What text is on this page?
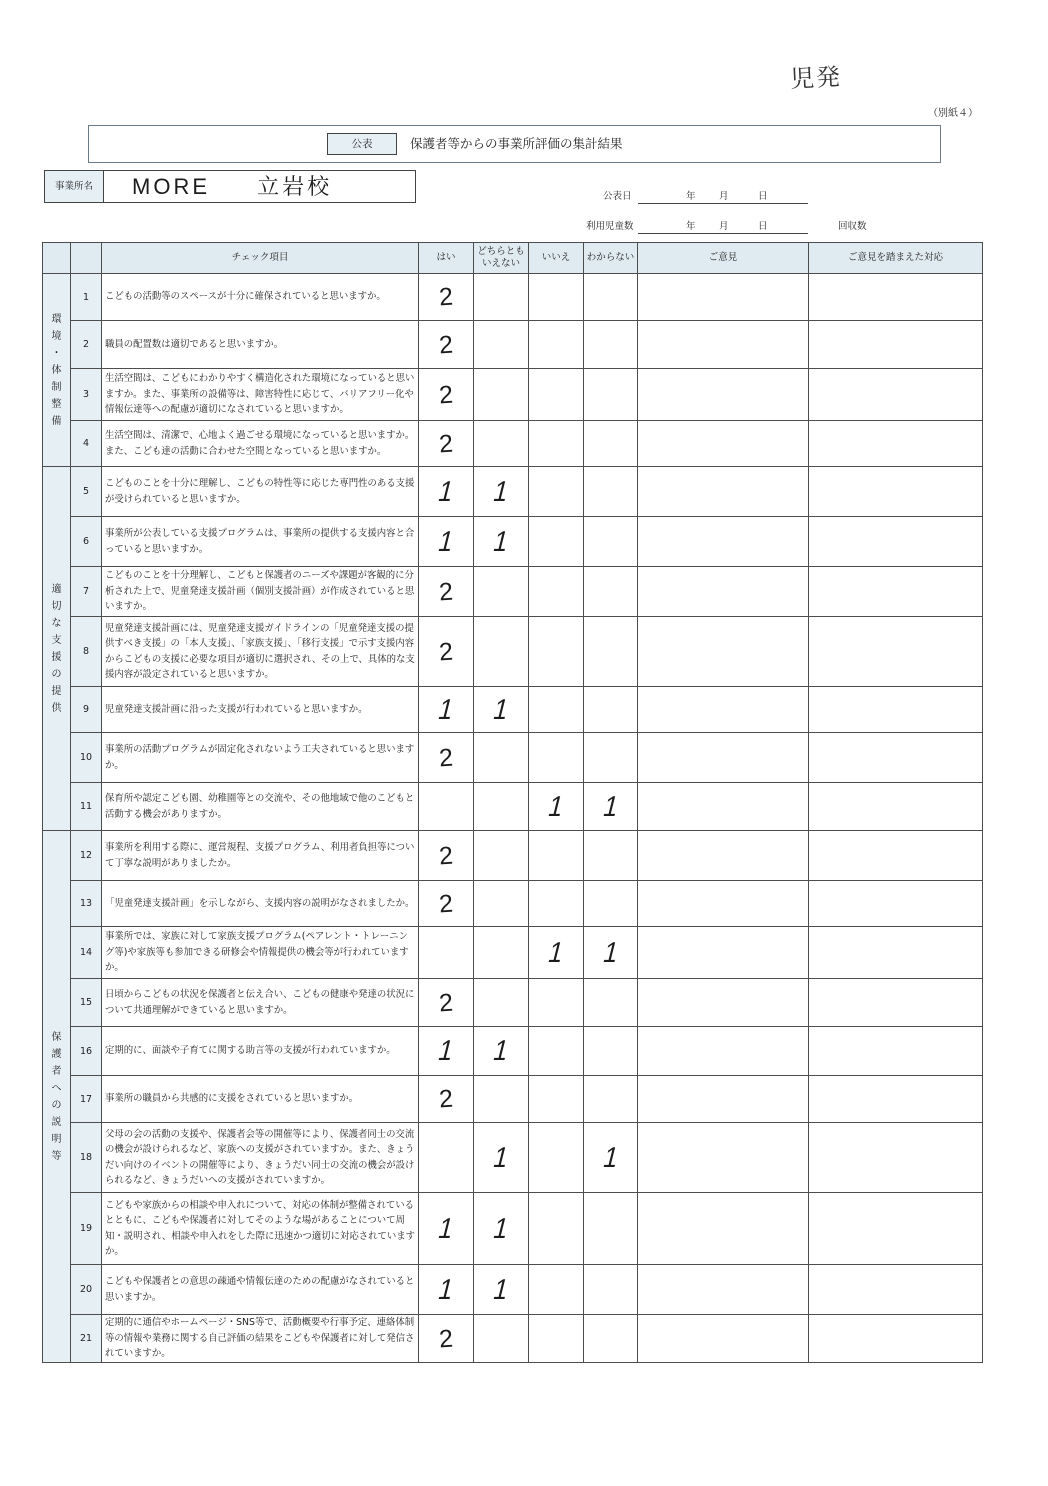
児発
（別紙４）
公表	保護者等からの事業所評価の集計結果
事業所名	MORE 立岩校	公表日	年 月	日
利用児童数	年 月	日	回収数
		チェック項目	はい	どちらとも
いえない	いいえ	わからない	ご意見	ご意見を踏まえた対応
環境・体制整備	1	こどもの活動等のスペースが十分に確保されていると思いますか。	2					
	2	職員の配置数は適切であると思いますか。	2					
	3	生活空間は、こどもにわかりやすく構造化された環境になっていると思いますか。また、事業所の設備等は、障害特性に応じて、バリアフリー化や情報伝達等への配慮が適切になされていると思いますか。	2					
	4	生活空間は、清潔で、心地よく過ごせる環境になっていると思いますか。また、こども達の活動に合わせた空間となっていると思いますか。	2					
適切な支援の提供	5	こどものことを十分に理解し、こどもの特性等に応じた専門性のある支援が受けられていると思いますか。	1	1				
	6	事業所が公表している支援プログラムは、事業所の提供する支援内容と合っていると思いますか。	1	1				
	7	こどものことを十分理解し、こどもと保護者のニーズや課題が客観的に分析された上で、児童発達支援計画（個別支援計画）が作成されていると思いますか。	2					
	8	児童発達支援計画には、児童発達支援ガイドラインの「児童発達支援の提供すべき支援」の「本人支援」、「家族支援」、「移行支援」で示す支援内容からこどもの支援に必要な項目が適切に選択され、その上で、具体的な支援内容が設定されていると思いますか。	2					
	9	児童発達支援計画に沿った支援が行われていると思いますか。	1	1				
	10	事業所の活動プログラムが固定化されないよう工夫されていると思いますか。	2					
	11	保育所や認定こども園、幼稚園等との交流や、その他地域で他のこどもと活動する機会がありますか。			1	1		
保護者への説明等	12	事業所を利用する際に、運営規程、支援プログラム、利用者負担等について丁寧な説明がありましたか。	2					
	13	「児童発達支援計画」を示しながら、支援内容の説明がなされましたか。	2					
	14	事業所では、家族に対して家族支援プログラム(ペアレント・トレーニング等)や家族等も参加できる研修会や情報提供の機会等が行われていますか。			1	1		
	15	日頃からこどもの状況を保護者と伝え合い、こどもの健康や発達の状況について共通理解ができていると思いますか。	2					
	16	定期的に、面談や子育てに関する助言等の支援が行われていますか。	1	1				
	17	事業所の職員から共感的に支援をされていると思いますか。	2					
	18	父母の会の活動の支援や、保護者会等の開催等により、保護者同士の交流の機会が設けられるなど、家族への支援がされていますか。また、きょうだい向けのイベントの開催等により、きょうだい同士の交流の機会が設けられるなど、きょうだいへの支援がされていますか。		1		1		
	19	こどもや家族からの相談や申入れについて、対応の体制が整備されているとともに、こどもや保護者に対してそのような場があることについて周知・説明され、相談や申入れをした際に迅速かつ適切に対応されていますか。	1	1				
	20	こどもや保護者との意思の疎通や情報伝達のための配慮がなされていると思いますか。	1	1				
	21	定期的に通信やホームページ・SNS等で、活動概要や行事予定、連絡体制等の情報や業務に関する自己評価の結果をこどもや保護者に対して発信されていますか。	2					
